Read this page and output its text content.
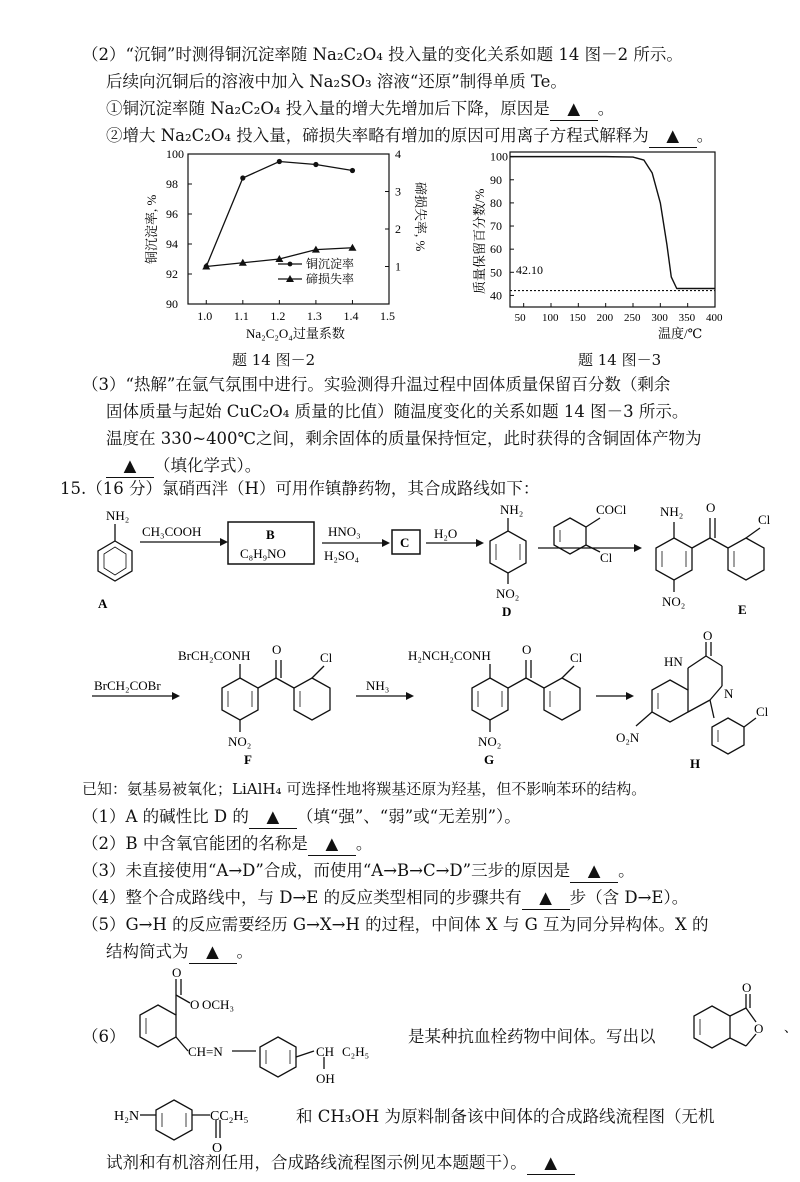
（2）“沉铜”时测得铜沉淀率随 Na₂C₂O₄ 投入量的变化关系如题 14 图－2 所示。
后续向沉铜后的溶液中加入 Na₂SO₃ 溶液“还原”制得单质 Te。
①铜沉淀率随 Na₂C₂O₄ 投入量的增大先增加后下降，原因是 ▲ 。
②增大 Na₂C₂O₄ 投入量，碲损失率略有增加的原因可用离子方程式解释为 ▲ 。
1.0 1.1 1.2 1.3 1.4 1.5
90
92
94
96
98
100
1
2
3
4
铜沉淀率, %	碲损失率, %
Na₂C₂O₄过量系数
铜沉淀率
碲损失率
50 100 150 200 250 300 350 400
40
50
60
70
80
90
100
42.10
质量保留百分数/%
温度/℃
题 14 图－2	题 14 图－3
（3）“热解”在氩气氛围中进行。实验测得升温过程中固体质量保留百分数（剩余
固体质量与起始 CuC₂O₄ 质量的比值）随温度变化的关系如题 14 图－3 所示。
温度在 330~400℃之间，剩余固体的质量保持恒定，此时获得的含铜固体产物为
▲ （填化学式）。
15.（16 分）氯硝西泮（H）可用作镇静药物，其合成路线如下：
NH₂
A
CH₃COOH	B
C₈H₉NO
HNO₃
H₂SO₄
C
H₂O
NH₂
NO₂
D
COCl
Cl
NH₂ O
Cl
NO₂
E
BrCH₂COBr
BrCH₂CONH O
Cl
NO₂
F
NH₃
H₂NCH₂CONH O
Cl
NO₂
G
O
HN
N
Cl
O₂N
H
已知：氨基易被氧化；LiAlH₄ 可选择性地将羰基还原为羟基，但不影响苯环的结构。
（1）A 的碱性比 D 的 ▲ （填“强”、“弱”或“无差别”）。
（2）B 中含氧官能团的名称是 ▲ 。
（3）未直接使用“A→D”合成，而使用“A→B→C→D”三步的原因是 ▲ 。
（4）整个合成路线中，与 D→E 的反应类型相同的步骤共有 ▲ 步（含 D→E）。
（5）G→H 的反应需要经历 G→X→H 的过程，中间体 X 与 G 互为同分异构体。X 的
结构简式为 ▲ 。
（6）
O
O OCH₃
CH=N	CH C₂H₅
OH
是某种抗血栓药物中间体。写出以
O
O 、
H₂N	CC₂H₅
O
和 CH₃OH 为原料制备该中间体的合成路线流程图（无机
试剂和有机溶剂任用，合成路线流程图示例见本题题干）。 ▲
